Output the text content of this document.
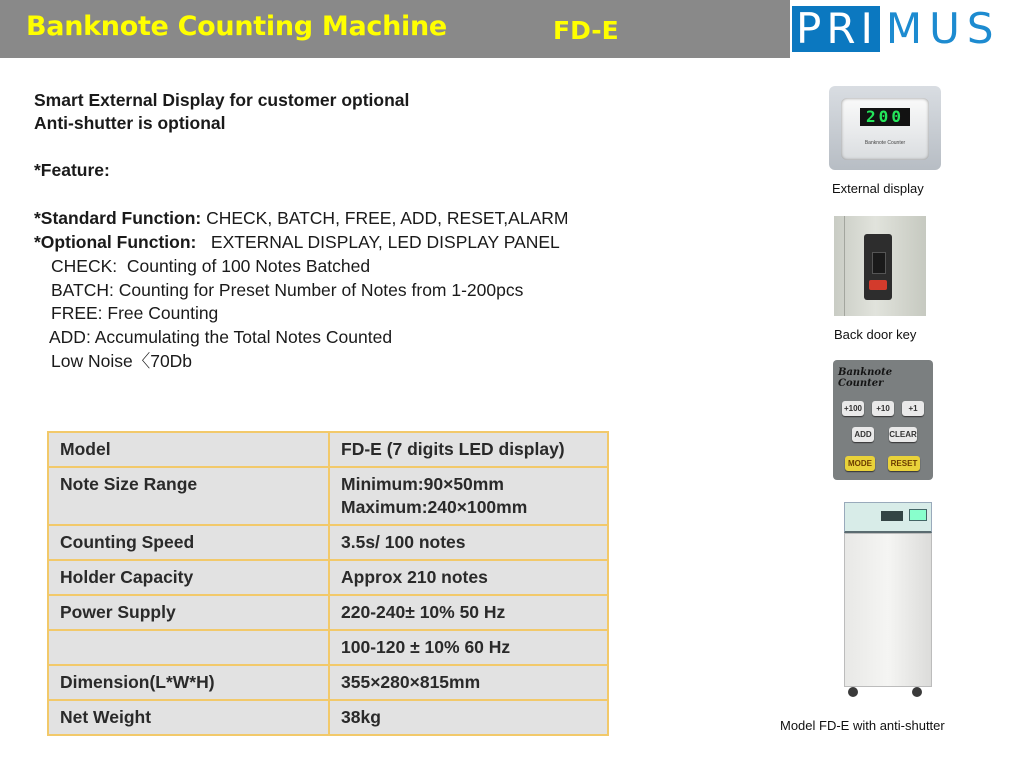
Banknote Counting Machine	FD-E	PRI MUS
Smart External Display for customer optional
Anti-shutter is optional
*Feature:
*Standard Function: CHECK, BATCH, FREE, ADD, RESET,ALARM
*Optional Function:   EXTERNAL DISPLAY, LED DISPLAY PANEL
CHECK:  Counting of 100 Notes Batched
BATCH: Counting for Preset Number of Notes from 1-200pcs
FREE: Free Counting
ADD: Accumulating the Total Notes Counted
Low Noise〈70Db
Model	FD-E (7 digits LED display)
Note Size Range	Minimum:90×50mm
Maximum:240×100mm

Counting Speed	3.5s/ 100 notes
Holder Capacity	Approx 210 notes
Power Supply	220-240± 10% 50 Hz
	100-120 ± 10% 60 Hz
Dimension(L*W*H)	355×280×815mm
Net Weight	38kg
200
Banknote Counter
External display
Back door key
Banknote Counter
+100	+10	+1
ADD CLEAR
MODE	RESET
Model FD-E with anti-shutter
